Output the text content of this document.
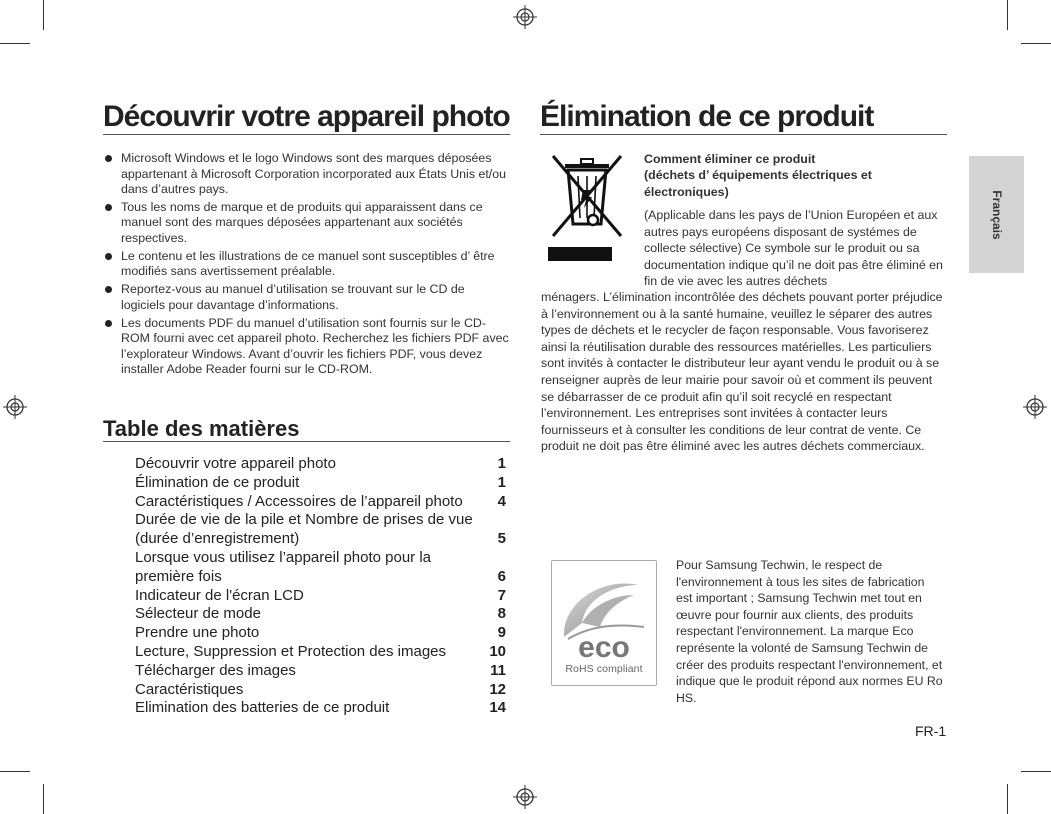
Découvrir votre appareil photo
Microsoft Windows et le logo Windows sont des marques déposées appartenant à Microsoft Corporation incorporated aux États Unis et/ou dans d’autres pays.
Tous les noms de marque et de produits qui apparaissent dans ce manuel sont des marques déposées appartenant aux sociétés respectives.
Le contenu et les illustrations de ce manuel sont susceptibles d’ être modifiés sans avertissement préalable.
Reportez-vous au manuel d’utilisation se trouvant sur le CD de logiciels pour davantage d’informations.
Les documents PDF du manuel d’utilisation sont fournis sur le CD-ROM fourni avec cet appareil photo. Recherchez les fichiers PDF avec l’explorateur Windows. Avant d’ouvrir les fichiers PDF, vous devez installer Adobe Reader fourni sur le CD-ROM.
Table des matières
Découvrir votre appareil photo	1
Élimination de ce produit	1
Caractéristiques / Accessoires de l’appareil photo	4
Durée de vie de la pile et Nombre de prises de vue (durée d’enregistrement)	5
Lorsque vous utilisez l’appareil photo pour la première fois	6
Indicateur de l'écran LCD	7
Sélecteur de mode	8
Prendre une photo	9
Lecture, Suppression et Protection des images	10
Télécharger des images	11
Caractéristiques	12
Elimination des batteries de ce produit	14
Élimination de ce produit
Comment éliminer ce produit
(déchets d’ équipements électriques et électroniques)

(Applicable dans les pays de l’Union Européen et aux autres pays européens disposant de systémes de collecte sélective) Ce symbole sur le produit ou sa documentation indique qu’il ne doit pas être éliminé en fin de vie avec les autres déchets

ménagers. L’élimination incontrôlée des déchets pouvant porter préjudice à l’environnement ou à la santé humaine, veuillez le séparer des autres types de déchets et le recycler de façon responsable. Vous favoriserez ainsi la réutilisation durable des ressources matérielles. Les particuliers sont invités à contacter le distributeur leur ayant vendu le produit ou à se renseigner auprès de leur mairie pour savoir où et comment ils peuvent se débarrasser de ce produit afin qu’il soit recyclé en respectant l’environnement. Les entreprises sont invitées à contacter leurs fournisseurs et à consulter les conditions de leur contrat de vente. Ce produit ne doit pas être éliminé avec les autres déchets commerciaux.

eco
RoHS compliant

Pour Samsung Techwin, le respect de l'environnement à tous les sites de fabrication est important ; Samsung Techwin met tout en œuvre pour fournir aux clients, des produits respectant l'environnement. La marque Eco représente la volonté de Samsung Techwin de créer des produits respectant l'environnement, et indique que le produit répond aux normes EU Ro HS.

Français
FR-1
